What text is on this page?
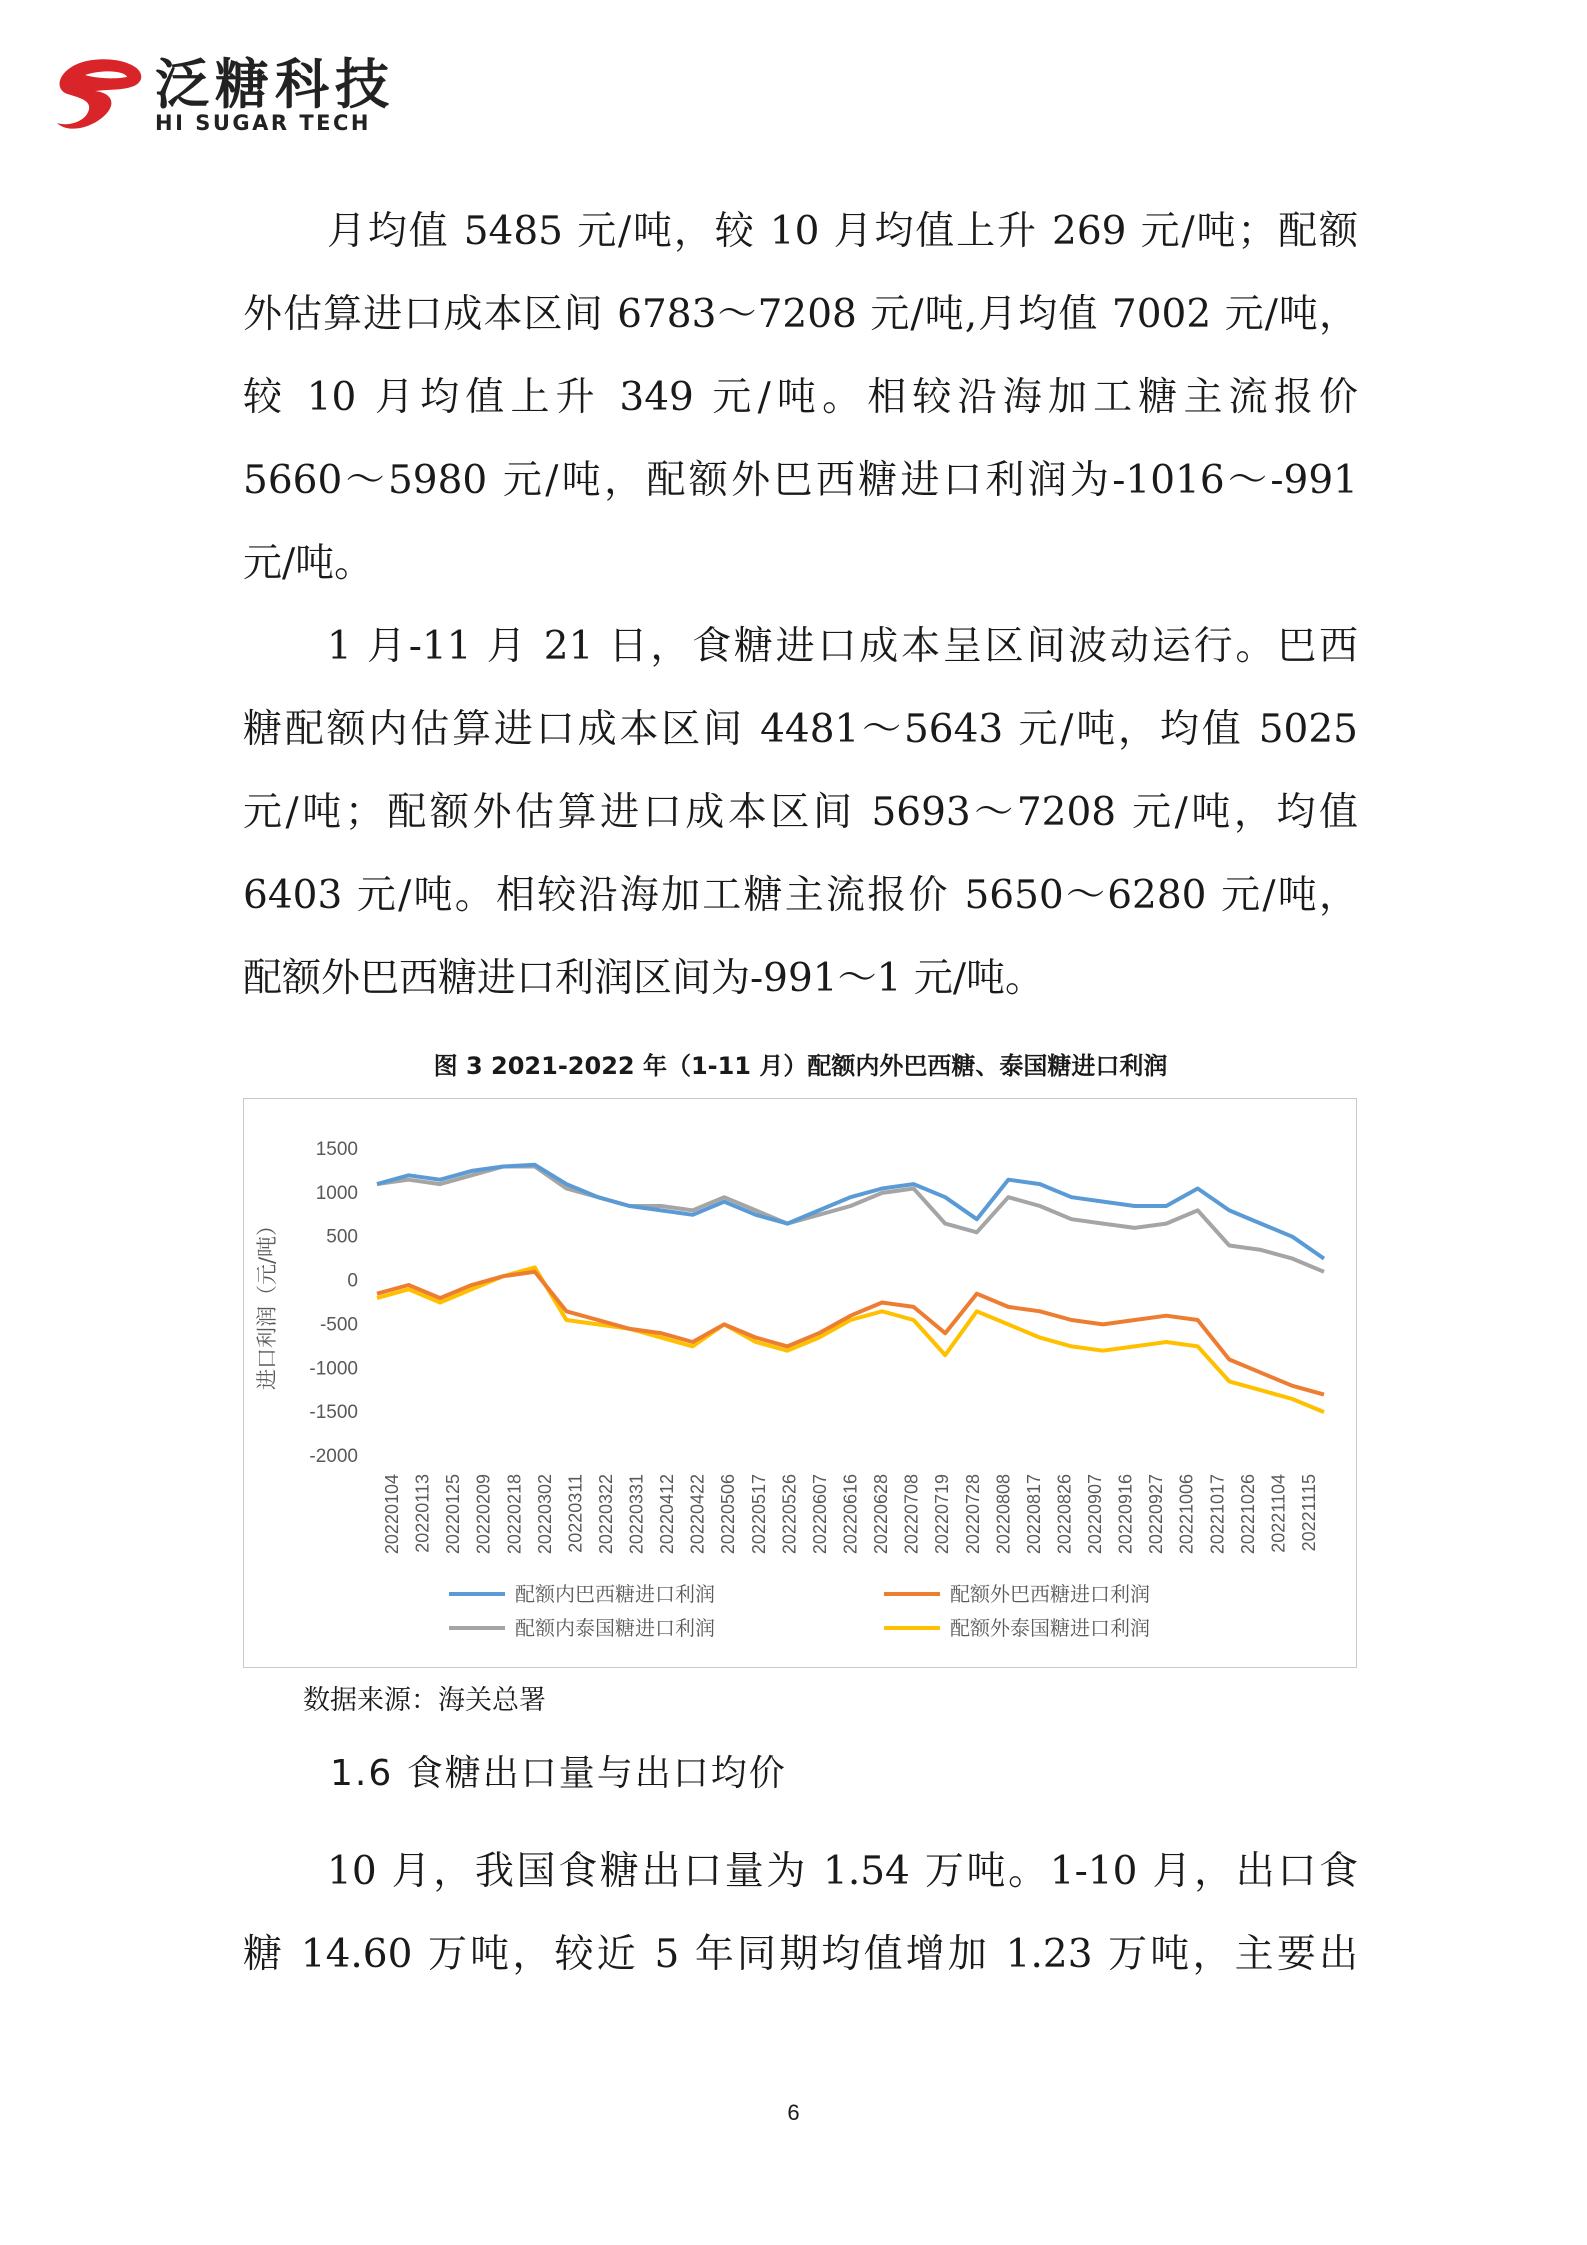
泛糖科技
HI SUGAR TECH
月均值 5485 元/吨，较 10 月均值上升 269 元/吨；配额
外估算进口成本区间 6783～7208 元/吨,月均值 7002 元/吨，
较 10 月均值上升 349 元/吨。相较沿海加工糖主流报价
5660～5980 元/吨，配额外巴西糖进口利润为-1016～-991
元/吨。
1 月-11 月 21 日，食糖进口成本呈区间波动运行。巴西
糖配额内估算进口成本区间 4481～5643 元/吨，均值 5025
元/吨；配额外估算进口成本区间 5693～7208 元/吨，均值
6403 元/吨。相较沿海加工糖主流报价 5650～6280 元/吨，
配额外巴西糖进口利润区间为-991～1 元/吨。
图 3 2021-2022 年（1-11 月）配额内外巴西糖、泰国糖进口利润
1500
1000
500
0
-500
-1000
-1500
-2000
进口利润（元/吨）
20220104 20220113 20220125 20220209 20220218 20220302 20220311 20220322 20220331 20220412 20220422 20220506 20220517 20220526 20220607 20220616 20220628 20220708 20220719 20220728 20220808 20220817 20220826 20220907 20220916 20220927 20221006 20221017 20221026 20221104 20221115
配额内巴西糖进口利润	配额外巴西糖进口利润
配额内泰国糖进口利润	配额外泰国糖进口利润
数据来源：海关总署
1.6 食糖出口量与出口均价
10 月，我国食糖出口量为 1.54 万吨。1-10 月，出口食
糖 14.60 万吨，较近 5 年同期均值增加 1.23 万吨，主要出
6
